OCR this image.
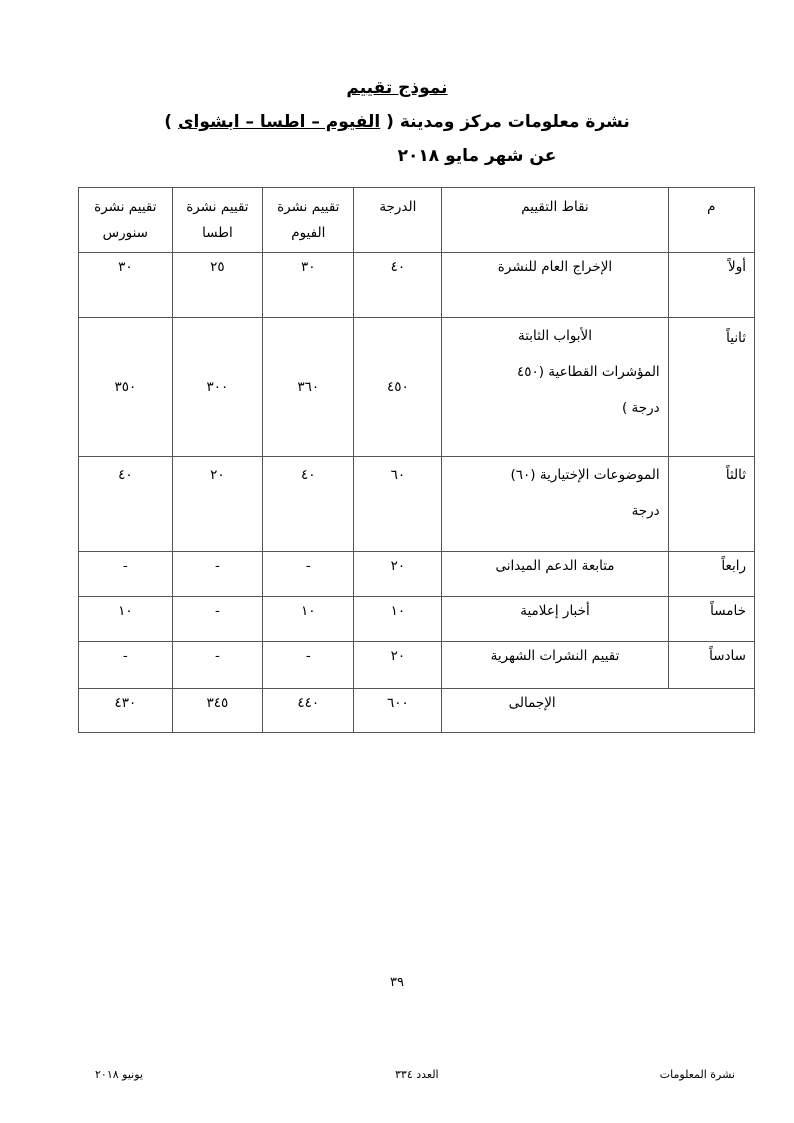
نموذج تقييم
نشرة معلومات مركز ومدينة ( الفيوم – اطسا – ابشواى )
عن شهر مايو ٢٠١٨
م	نقاط التقييم	الدرجة	تقييم نشرة الفيوم	تقييم نشرة اطسا	تقييم نشرة سنورس
أولاً	الإخراج العام للنشرة	٤٠	٣٠	٢٥	٣٠
ثانياً	الأبواب الثابتة
المؤشرات القطاعية (٤٥٠
درجة )	٤٥٠	٣٦٠	٣٠٠	٣٥٠
ثالثاً	الموضوعات الإختيارية (٦٠)
درجة	٦٠	٤٠	٢٠	٤٠
رابعاً	متابعة الدعم الميدانى	٢٠	-	-	-
خامساً	أخبار إعلامية	١٠	١٠	-	١٠
سادساً	تقييم النشرات الشهرية	٢٠	-	-	-
الإجمالى		٦٠٠	٤٤٠	٣٤٥	٤٣٠
٣٩
نشرة المعلومات
العدد ٣٣٤
يونيو ٢٠١٨
